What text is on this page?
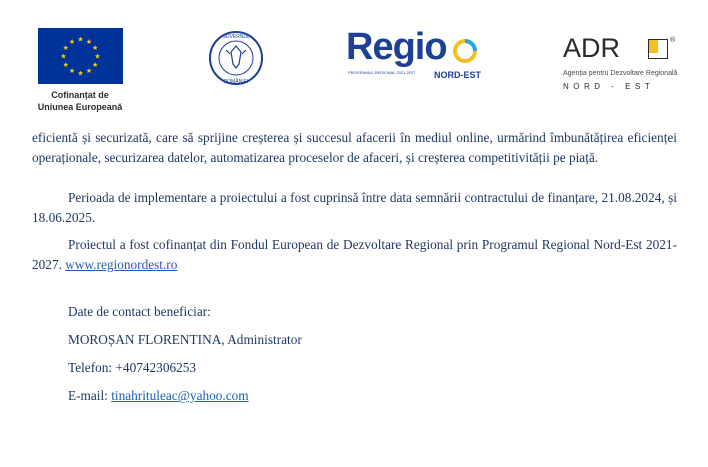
★ ★
★
★
★
★
★
★
★
★
★
★
Cofinanțat de
Uniunea Europeană
GUVERNUL
ROMÂNIEI
Regio
PROGRAMUL REGIONAL 2021-2027 NORD-EST
ADR	®
Agenția pentru Dezvoltare Regională
NORD - EST

eficientă și securizată, care să sprijine creșterea și succesul afacerii în mediul online, urmărind îmbunătățirea eficienței operaționale, securizarea datelor, automatizarea proceselor de afaceri, și creșterea competitivității pe piață.

Perioada de implementare a proiectului a fost cuprinsă între data semnării contractului de finanțare, 21.08.2024, și 18.06.2025.

Proiectul a fost cofinanțat din Fondul European de Dezvoltare Regional prin Programul Regional Nord-Est 2021-2027. www.regionordest.ro

Date de contact beneficiar:

MOROȘAN FLORENTINA, Administrator

Telefon: +40742306253

E-mail: tinahrituleac@yahoo.com
